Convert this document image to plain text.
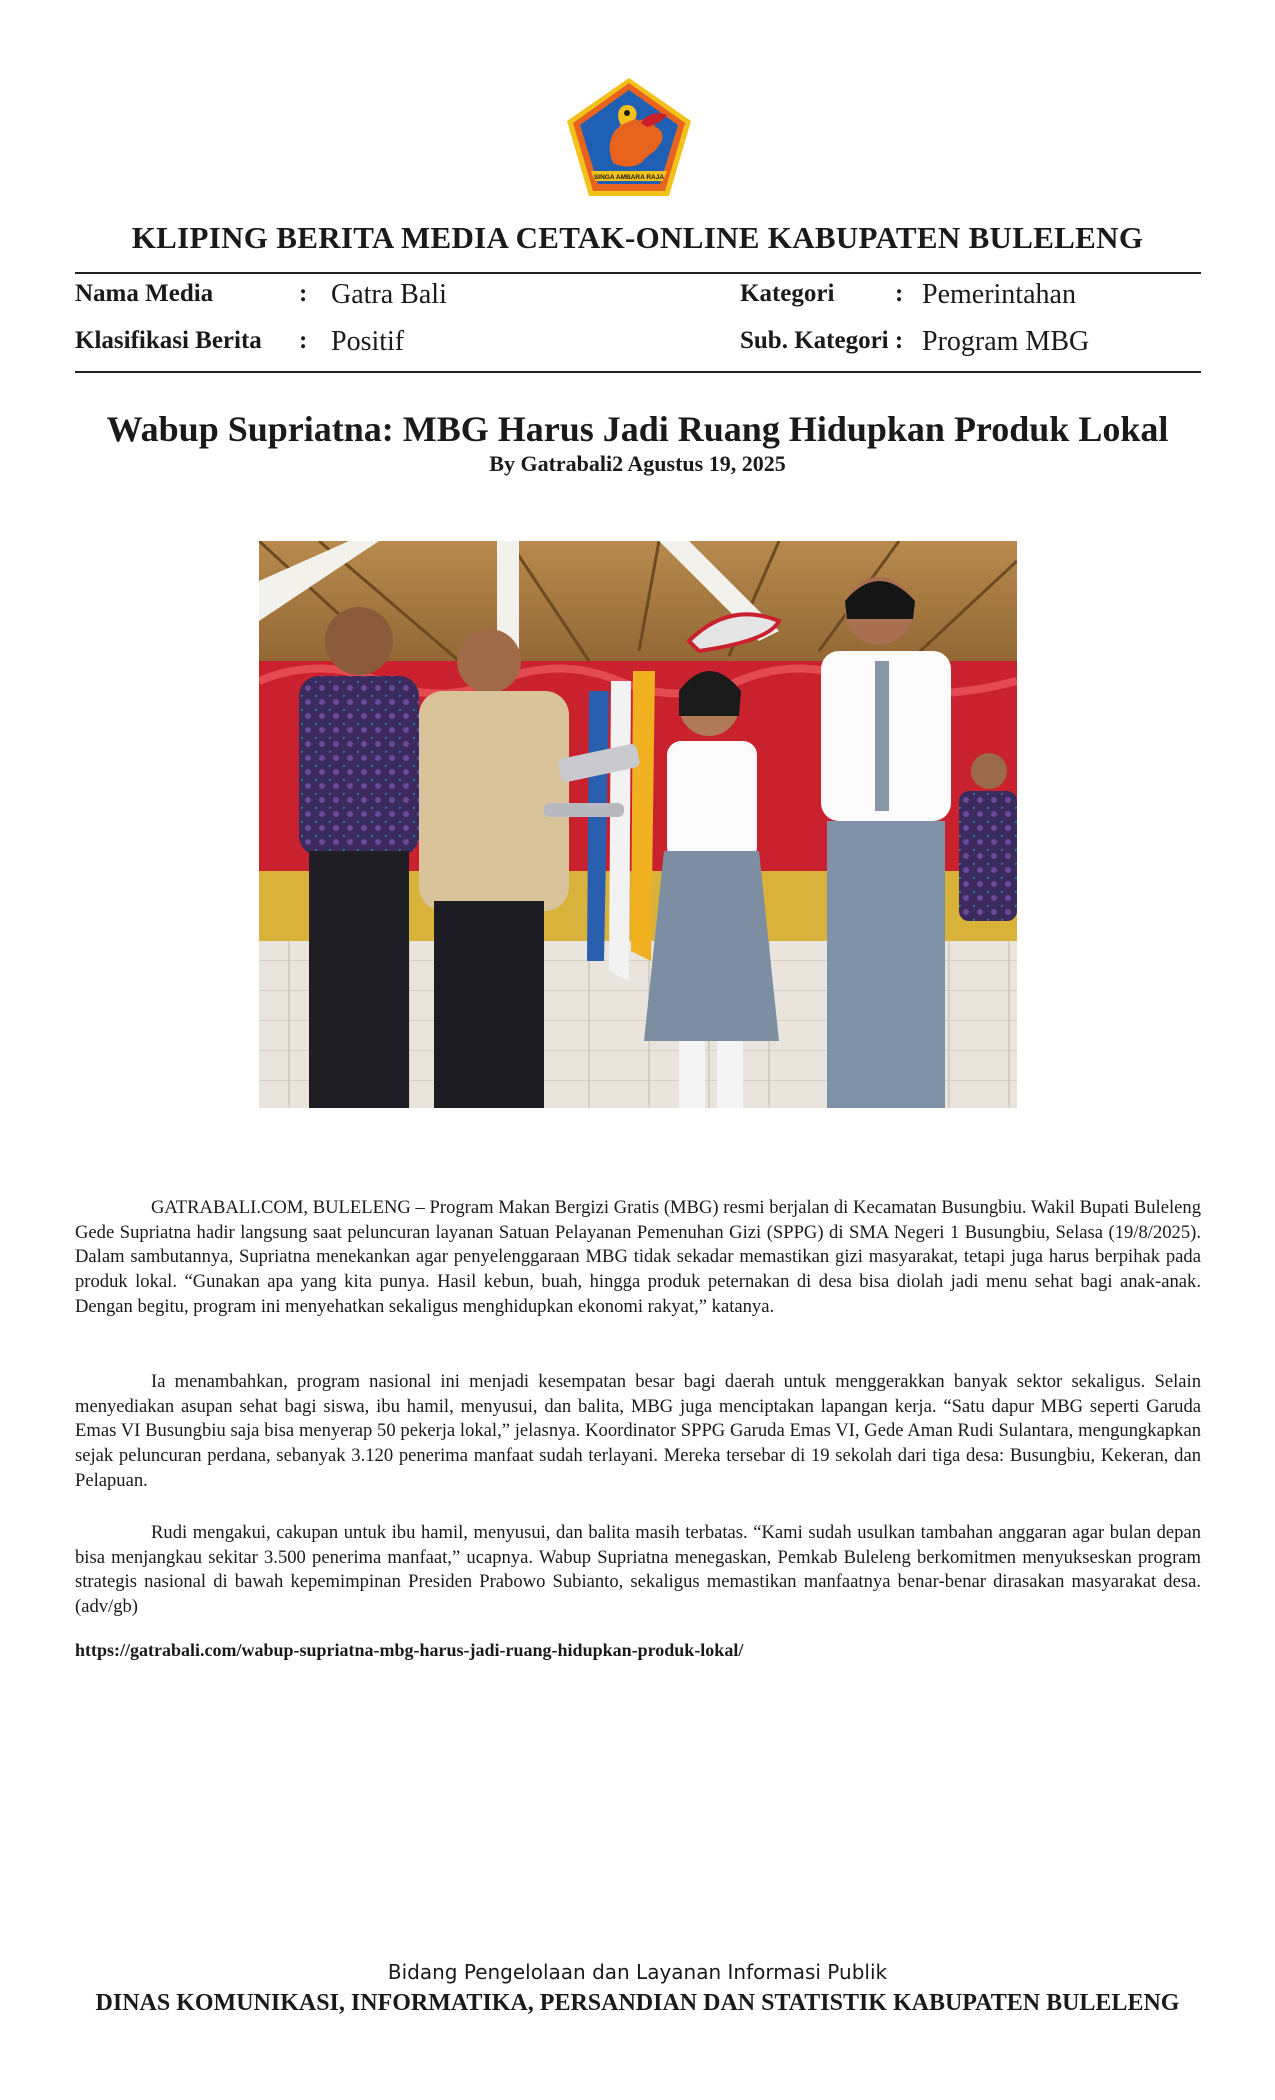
SINGA AMBARA RAJA
KLIPING BERITA MEDIA CETAK-ONLINE KABUPATEN BULELENG
Nama Media	: Gatra Bali
Klasifikasi Berita : Positif
Kategori : Pemerintahan
Sub. Kategori : Program MBG
Wabup Supriatna: MBG Harus Jadi Ruang Hidupkan Produk Lokal
By Gatrabali2 Agustus 19, 2025

GATRABALI.COM, BULELENG – Program Makan Bergizi Gratis (MBG) resmi berjalan di Kecamatan Busungbiu. Wakil Bupati Buleleng Gede Supriatna hadir langsung saat peluncuran layanan Satuan Pelayanan Pemenuhan Gizi (SPPG) di SMA Negeri 1 Busungbiu, Selasa (19/8/2025). Dalam sambutannya, Supriatna menekankan agar penyelenggaraan MBG tidak sekadar memastikan gizi masyarakat, tetapi juga harus berpihak pada produk lokal. “Gunakan apa yang kita punya. Hasil kebun, buah, hingga produk peternakan di desa bisa diolah jadi menu sehat bagi anak-anak. Dengan begitu, program ini menyehatkan sekaligus menghidupkan ekonomi rakyat,” katanya.

Ia menambahkan, program nasional ini menjadi kesempatan besar bagi daerah untuk menggerakkan banyak sektor sekaligus. Selain menyediakan asupan sehat bagi siswa, ibu hamil, menyusui, dan balita, MBG juga menciptakan lapangan kerja. “Satu dapur MBG seperti Garuda Emas VI Busungbiu saja bisa menyerap 50 pekerja lokal,” jelasnya. Koordinator SPPG Garuda Emas VI, Gede Aman Rudi Sulantara, mengungkapkan sejak peluncuran perdana, sebanyak 3.120 penerima manfaat sudah terlayani. Mereka tersebar di 19 sekolah dari tiga desa: Busungbiu, Kekeran, dan Pelapuan.

Rudi mengakui, cakupan untuk ibu hamil, menyusui, dan balita masih terbatas. “Kami sudah usulkan tambahan anggaran agar bulan depan bisa menjangkau sekitar 3.500 penerima manfaat,” ucapnya. Wabup Supriatna menegaskan, Pemkab Buleleng berkomitmen menyukseskan program strategis nasional di bawah kepemimpinan Presiden Prabowo Subianto, sekaligus memastikan manfaatnya benar-benar dirasakan masyarakat desa.(adv/gb)

https://gatrabali.com/wabup-supriatna-mbg-harus-jadi-ruang-hidupkan-produk-lokal/
Bidang Pengelolaan dan Layanan Informasi Publik
DINAS KOMUNIKASI, INFORMATIKA, PERSANDIAN DAN STATISTIK KABUPATEN BULELENG
